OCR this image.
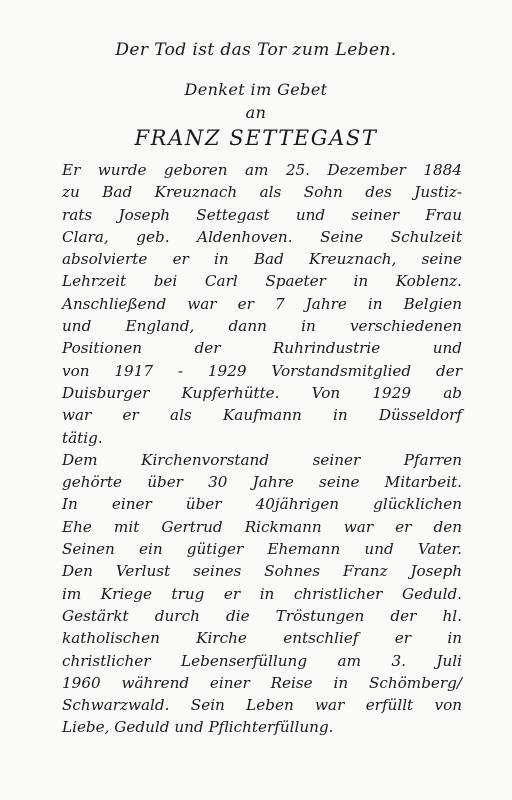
Der Tod ist das Tor zum Leben.
Denket im Gebet
an
FRANZ SETTEGAST
Er wurde geboren am 25. Dezember 1884
zu Bad Kreuznach als Sohn des Justiz-
rats Joseph Settegast und seiner Frau
Clara, geb. Aldenhoven. Seine Schulzeit
absolvierte er in Bad Kreuznach, seine
Lehrzeit bei Carl Spaeter in Koblenz.
Anschließend war er 7 Jahre in Belgien
und England, dann in verschiedenen
Positionen der Ruhrindustrie und
von 1917 - 1929 Vorstandsmitglied der
Duisburger Kupferhütte. Von 1929 ab
war er als Kaufmann in Düsseldorf
tätig.
Dem Kirchenvorstand seiner Pfarren
gehörte über 30 Jahre seine Mitarbeit.
In einer über 40jährigen glücklichen
Ehe mit Gertrud Rickmann war er den
Seinen ein gütiger Ehemann und Vater.
Den Verlust seines Sohnes Franz Joseph
im Kriege trug er in christlicher Geduld.
Gestärkt durch die Tröstungen der hl.
katholischen Kirche entschlief er in
christlicher Lebenserfüllung am 3. Juli
1960 während einer Reise in Schömberg/
Schwarzwald. Sein Leben war erfüllt von
Liebe, Geduld und Pflichterfüllung.
